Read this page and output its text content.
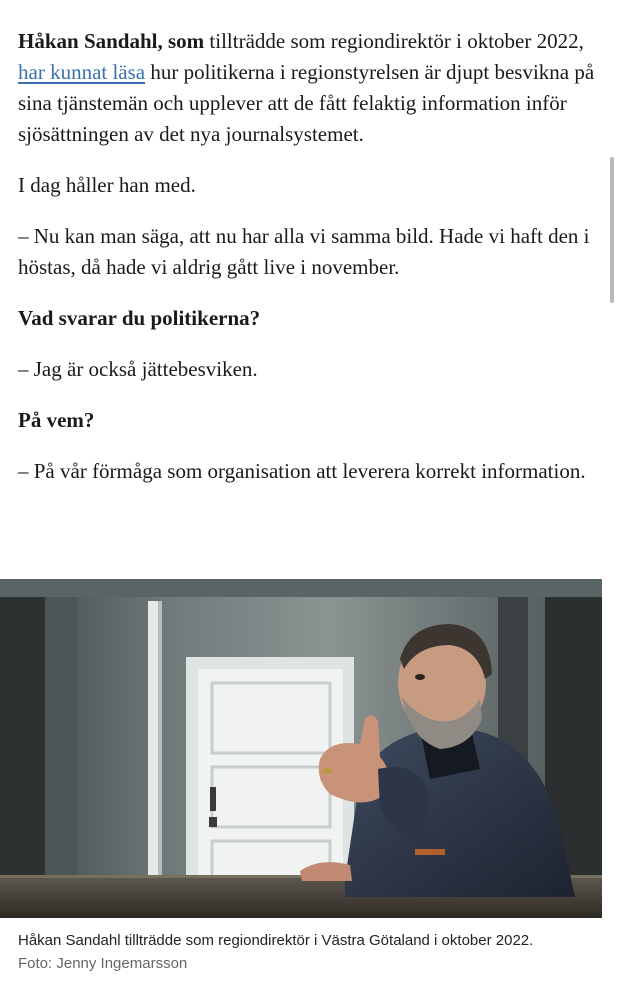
Håkan Sandahl, som tillträdde som regiondirektör i oktober 2022, har kunnat läsa hur politikerna i regionstyrelsen är djupt besvikna på sina tjänstemän och upplever att de fått felaktig information inför sjösättningen av det nya journalsystemet.

I dag håller han med.

– Nu kan man säga, att nu har alla vi samma bild. Hade vi haft den i höstas, då hade vi aldrig gått live i november.

Vad svarar du politikerna?

– Jag är också jättebesviken.

På vem?

– På vår förmåga som organisation att leverera korrekt information.

Håkan Sandahl tillträdde som regiondirektör i Västra Götaland i oktober 2022.
Foto: Jenny Ingemarsson
